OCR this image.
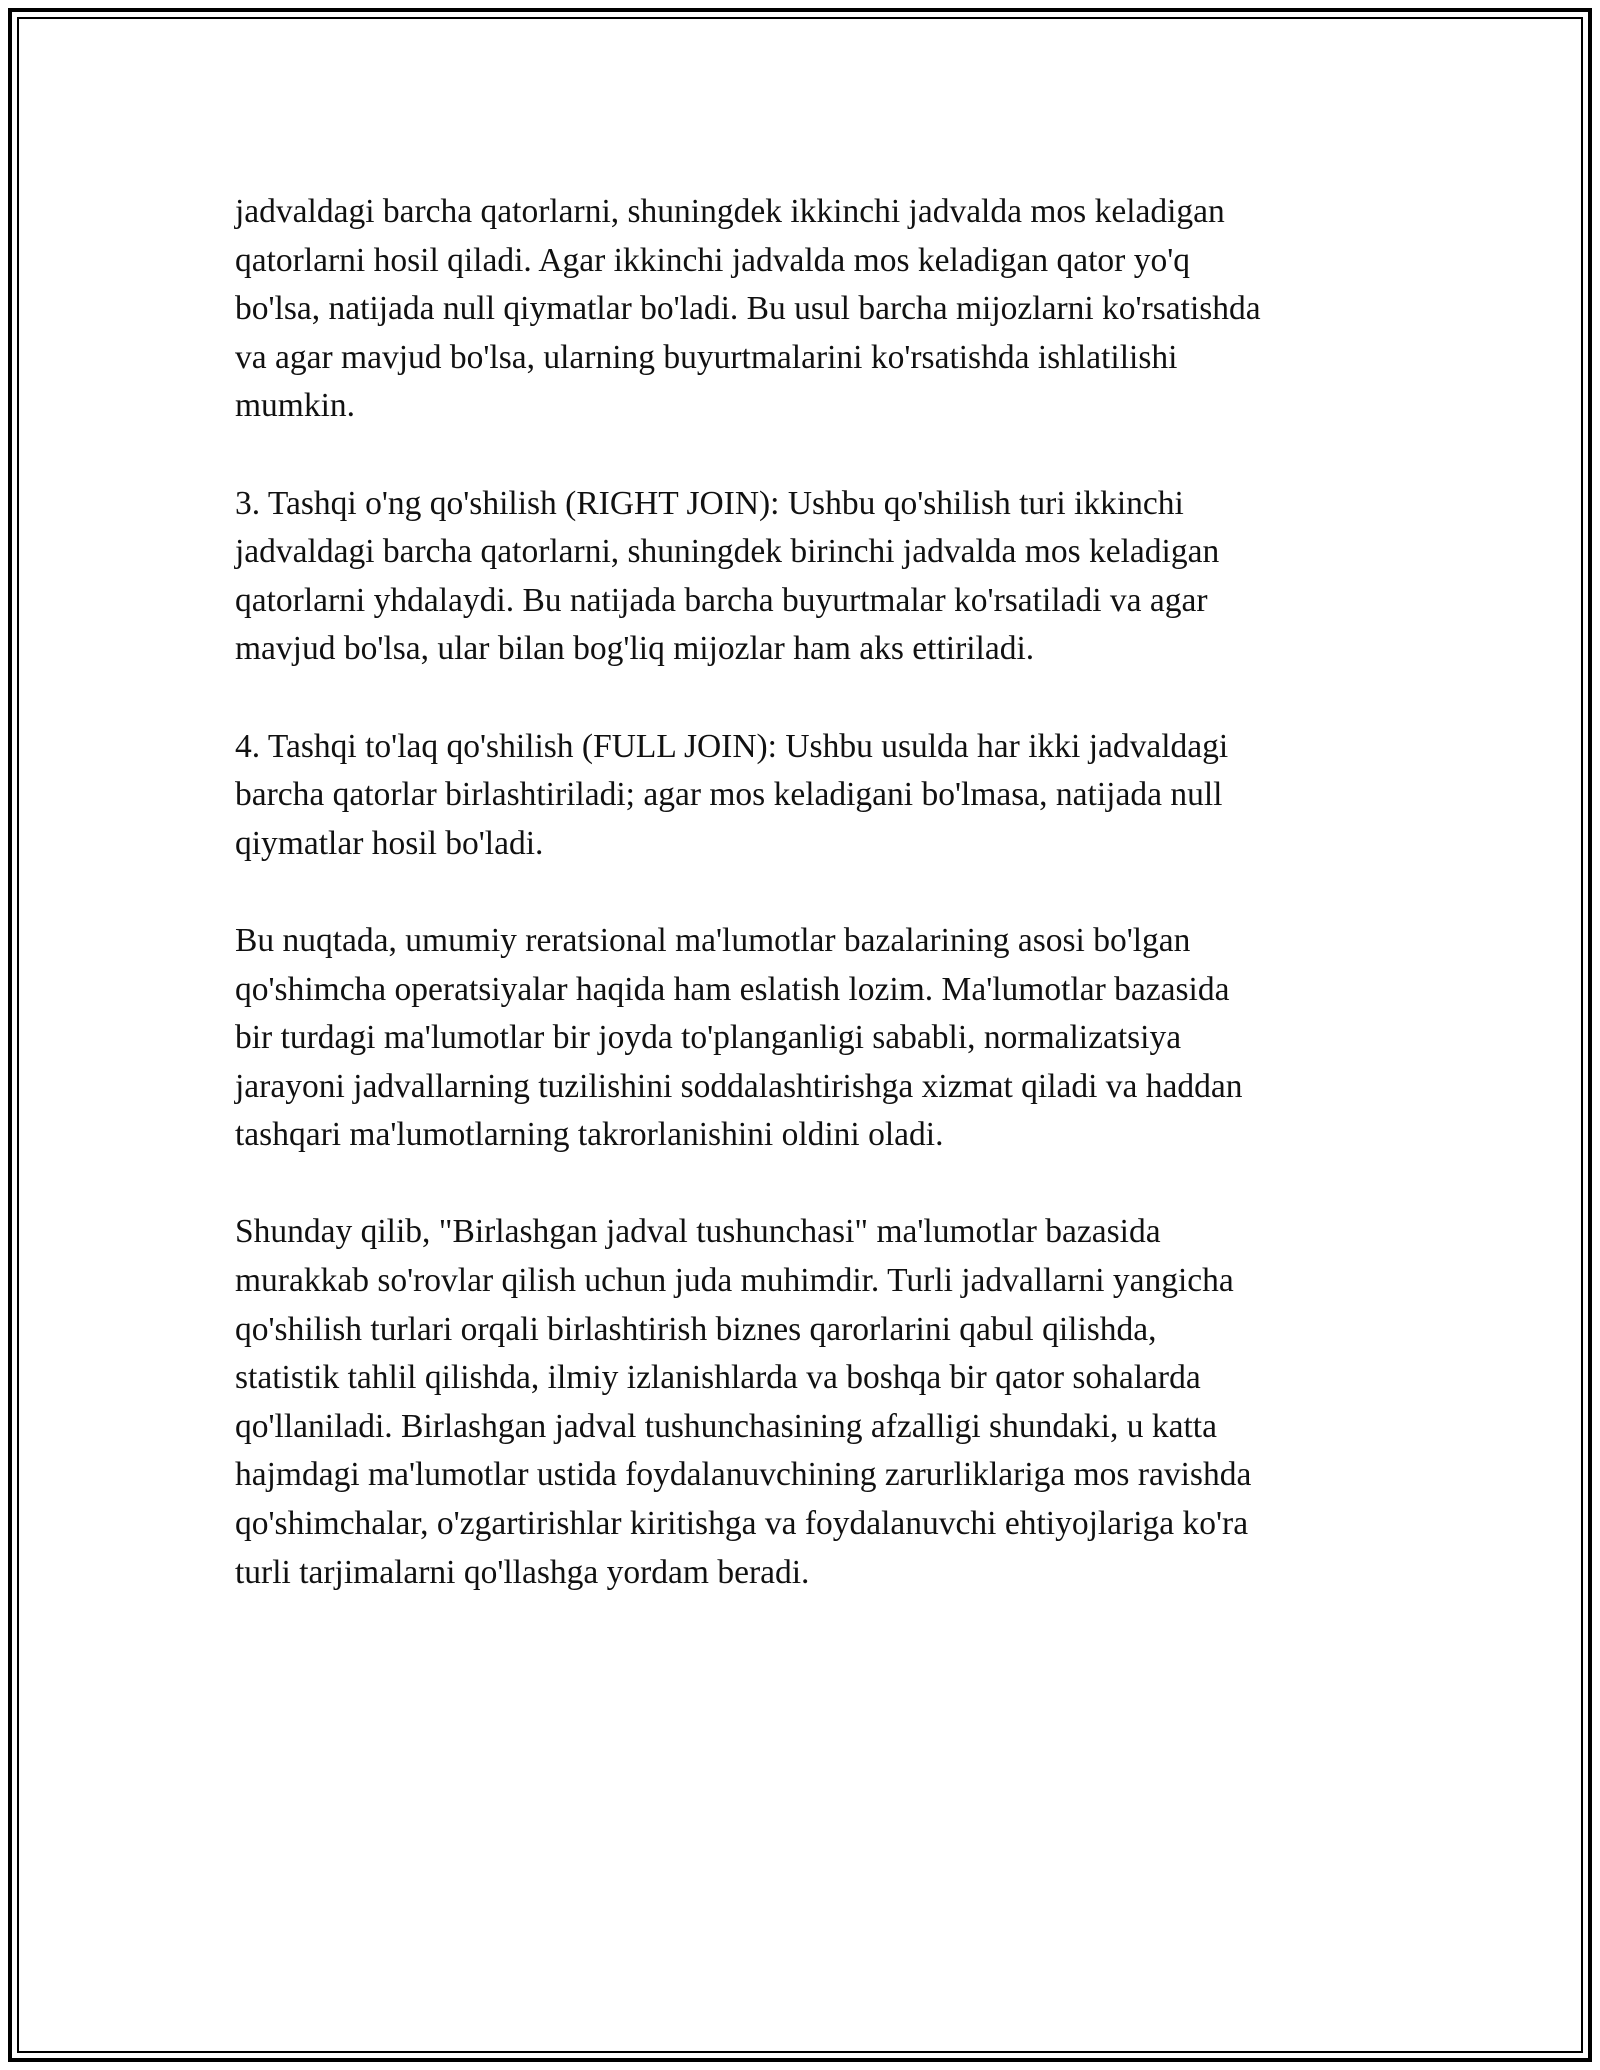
jadvaldagi barcha qatorlarni, shuningdek ikkinchi jadvalda mos keladigan
qatorlarni hosil qiladi. Agar ikkinchi jadvalda mos keladigan qator yo'q
bo'lsa, natijada null qiymatlar bo'ladi. Bu usul barcha mijozlarni ko'rsatishda
va agar mavjud bo'lsa, ularning buyurtmalarini ko'rsatishda ishlatilishi
mumkin.

3. Tashqi o'ng qo'shilish (RIGHT JOIN): Ushbu qo'shilish turi ikkinchi
jadvaldagi barcha qatorlarni, shuningdek birinchi jadvalda mos keladigan
qatorlarni yhdalaydi. Bu natijada barcha buyurtmalar ko'rsatiladi va agar
mavjud bo'lsa, ular bilan bog'liq mijozlar ham aks ettiriladi.

4. Tashqi to'laq qo'shilish (FULL JOIN): Ushbu usulda har ikki jadvaldagi
barcha qatorlar birlashtiriladi; agar mos keladigani bo'lmasa, natijada null
qiymatlar hosil bo'ladi.

Bu nuqtada, umumiy reratsional ma'lumotlar bazalarining asosi bo'lgan
qo'shimcha operatsiyalar haqida ham eslatish lozim. Ma'lumotlar bazasida
bir turdagi ma'lumotlar bir joyda to'planganligi sababli, normalizatsiya
jarayoni jadvallarning tuzilishini soddalashtirishga xizmat qiladi va haddan
tashqari ma'lumotlarning takrorlanishini oldini oladi.

Shunday qilib, "Birlashgan jadval tushunchasi" ma'lumotlar bazasida
murakkab so'rovlar qilish uchun juda muhimdir. Turli jadvallarni yangicha
qo'shilish turlari orqali birlashtirish biznes qarorlarini qabul qilishda,
statistik tahlil qilishda, ilmiy izlanishlarda va boshqa bir qator sohalarda
qo'llaniladi. Birlashgan jadval tushunchasining afzalligi shundaki, u katta
hajmdagi ma'lumotlar ustida foydalanuvchining zarurliklariga mos ravishda
qo'shimchalar, o'zgartirishlar kiritishga va foydalanuvchi ehtiyojlariga ko'ra
turli tarjimalarni qo'llashga yordam beradi.
